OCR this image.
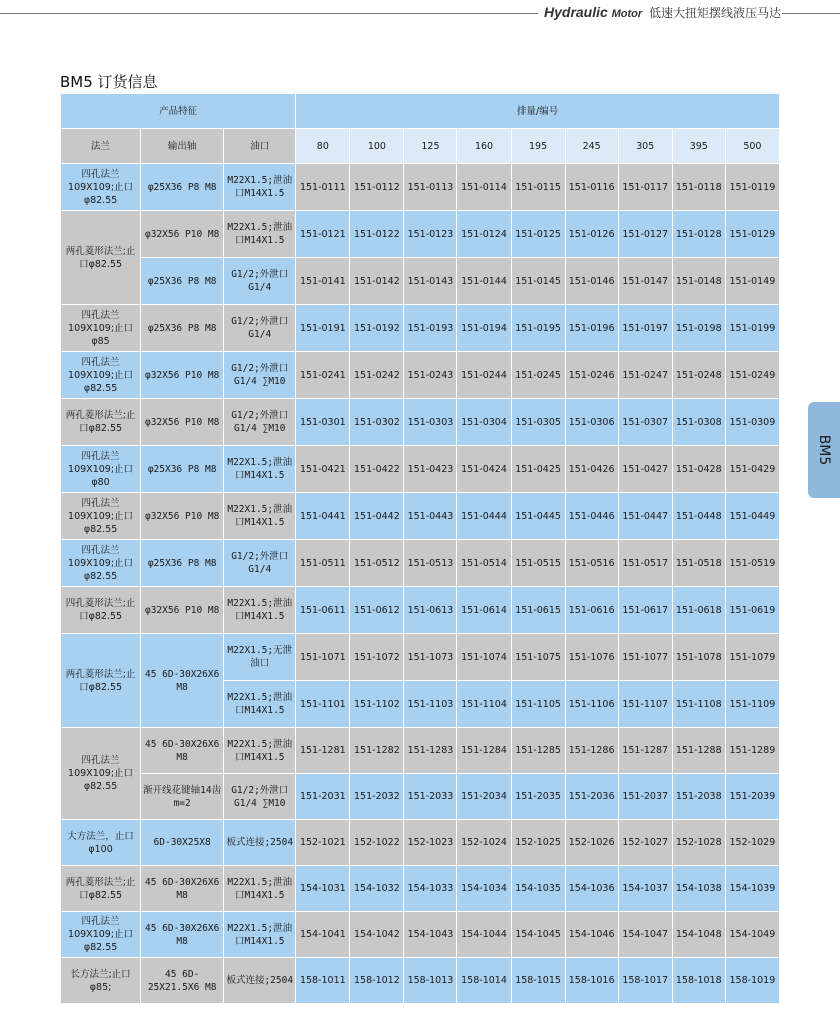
Hydraulic Motor 低速大扭矩摆线液压马达
BM5 订货信息
BM5
产品特征			排量/编号								
法兰	输出轴	油口	80	100	125	160	195	245	305	395	500
四孔法兰109X109;止口φ82.55	φ25X36 P8 M8	M22X1.5;泄油口M14X1.5	151-0111	151-0112	151-0113	151-0114	151-0115	151-0116	151-0117	151-0118	151-0119
两孔菱形法兰;止口φ82.55	φ32X56 P10 M8	M22X1.5;泄油口M14X1.5	151-0121	151-0122	151-0123	151-0124	151-0125	151-0126	151-0127	151-0128	151-0129
	φ25X36 P8 M8	G1/2;外泄口G1/4	151-0141	151-0142	151-0143	151-0144	151-0145	151-0146	151-0147	151-0148	151-0149
四孔法兰109X109;止口φ85	φ25X36 P8 M8	G1/2;外泄口G1/4	151-0191	151-0192	151-0193	151-0194	151-0195	151-0196	151-0197	151-0198	151-0199
四孔法兰109X109;止口φ82.55	φ32X56 P10 M8	G1/2;外泄口G1/4 ∑M10	151-0241	151-0242	151-0243	151-0244	151-0245	151-0246	151-0247	151-0248	151-0249
两孔菱形法兰;止口φ82.55	φ32X56 P10 M8	G1/2;外泄口G1/4 ∑M10	151-0301	151-0302	151-0303	151-0304	151-0305	151-0306	151-0307	151-0308	151-0309
四孔法兰109X109;止口φ80	φ25X36 P8 M8	M22X1.5;泄油口M14X1.5	151-0421	151-0422	151-0423	151-0424	151-0425	151-0426	151-0427	151-0428	151-0429
四孔法兰109X109;止口φ82.55	φ32X56 P10 M8	M22X1.5;泄油口M14X1.5	151-0441	151-0442	151-0443	151-0444	151-0445	151-0446	151-0447	151-0448	151-0449
四孔法兰109X109;止口φ82.55	φ25X36 P8 M8	G1/2;外泄口G1/4	151-0511	151-0512	151-0513	151-0514	151-0515	151-0516	151-0517	151-0518	151-0519
四孔菱形法兰;止口φ82.55	φ32X56 P10 M8	M22X1.5;泄油口M14X1.5	151-0611	151-0612	151-0613	151-0614	151-0615	151-0616	151-0617	151-0618	151-0619
两孔菱形法兰;止口φ82.55	45 6D-30X26X6 M8	M22X1.5;无泄油口	151-1071	151-1072	151-1073	151-1074	151-1075	151-1076	151-1077	151-1078	151-1079
		M22X1.5;泄油口M14X1.5	151-1101	151-1102	151-1103	151-1104	151-1105	151-1106	151-1107	151-1108	151-1109
四孔法兰109X109;止口φ82.55	45 6D-30X26X6 M8	M22X1.5;泄油口M14X1.5	151-1281	151-1282	151-1283	151-1284	151-1285	151-1286	151-1287	151-1288	151-1289
	渐开线花键轴14齿m=2	G1/2;外泄口G1/4 ∑M10	151-2031	151-2032	151-2033	151-2034	151-2035	151-2036	151-2037	151-2038	151-2039
大方法兰，止口φ100	6D-30X25X8	板式连接;2504	152-1021	152-1022	152-1023	152-1024	152-1025	152-1026	152-1027	152-1028	152-1029
两孔菱形法兰;止口φ82.55	45 6D-30X26X6 M8	M22X1.5;泄油口M14X1.5	154-1031	154-1032	154-1033	154-1034	154-1035	154-1036	154-1037	154-1038	154-1039
四孔法兰109X109;止口φ82.55	45 6D-30X26X6 M8	M22X1.5;泄油口M14X1.5	154-1041	154-1042	154-1043	154-1044	154-1045	154-1046	154-1047	154-1048	154-1049
长方法兰;止口φ85;	45 6D-25X21.5X6 M8	板式连接;2504	158-1011	158-1012	158-1013	158-1014	158-1015	158-1016	158-1017	158-1018	158-1019
